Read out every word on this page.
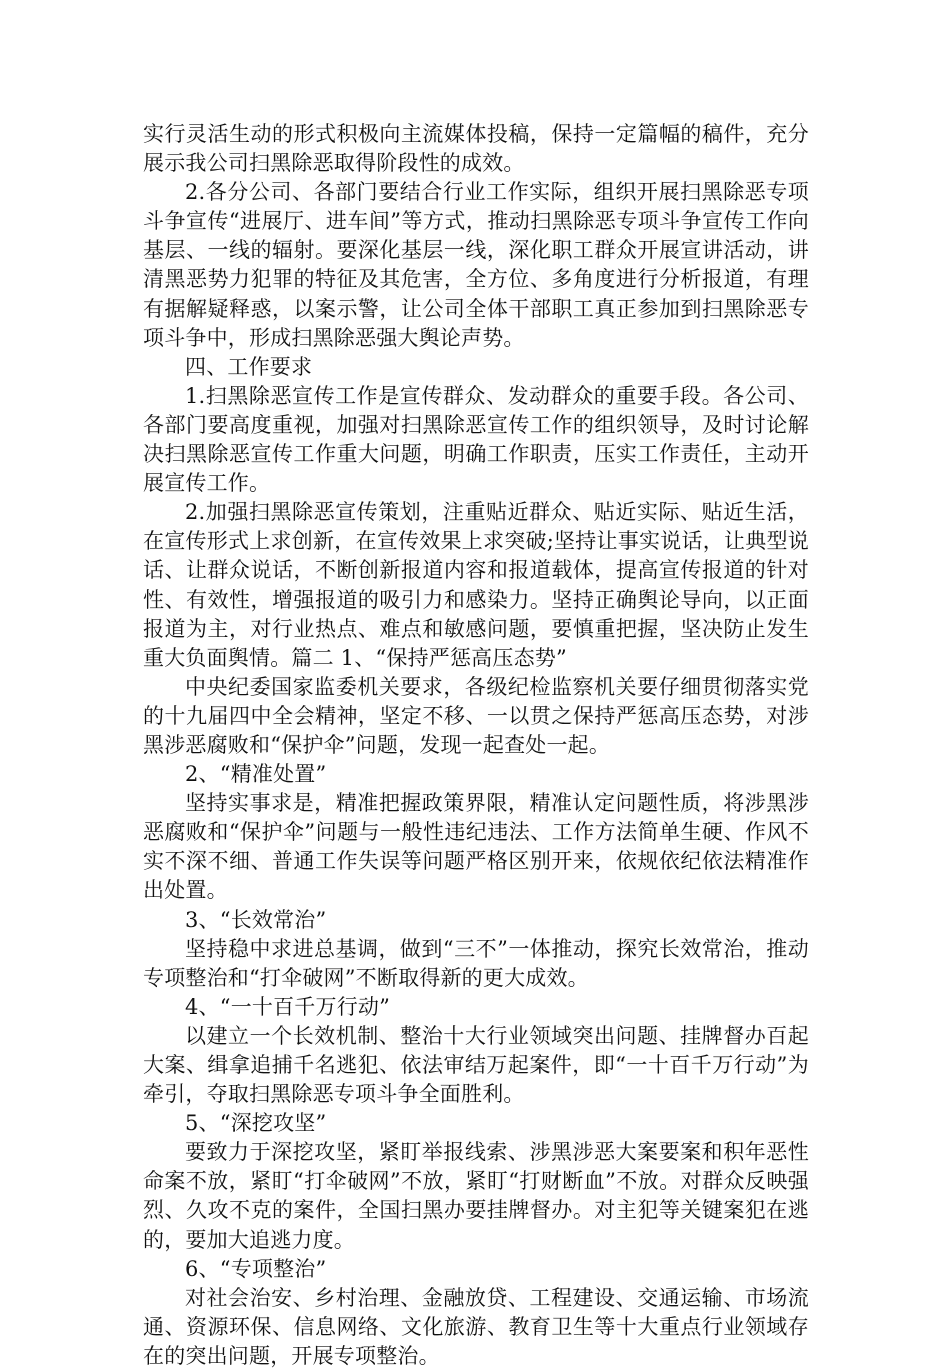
实行灵活生动的形式积极向主流媒体投稿，保持一定篇幅的稿件，充分展示我公司扫黑除恶取得阶段性的成效。

2.各分公司、各部门要结合行业工作实际，组织开展扫黑除恶专项斗争宣传“进展厅、进车间”等方式，推动扫黑除恶专项斗争宣传工作向基层、一线的辐射。要深化基层一线，深化职工群众开展宣讲活动，讲清黑恶势力犯罪的特征及其危害，全方位、多角度进行分析报道，有理有据解疑释惑，以案示警，让公司全体干部职工真正参加到扫黑除恶专项斗争中，形成扫黑除恶强大舆论声势。

四、工作要求

1.扫黑除恶宣传工作是宣传群众、发动群众的重要手段。各公司、各部门要高度重视，加强对扫黑除恶宣传工作的组织领导，及时讨论解决扫黑除恶宣传工作重大问题，明确工作职责，压实工作责任，主动开展宣传工作。

2.加强扫黑除恶宣传策划，注重贴近群众、贴近实际、贴近生活，在宣传形式上求创新，在宣传效果上求突破;坚持让事实说话，让典型说话、让群众说话，不断创新报道内容和报道载体，提高宣传报道的针对性、有效性，增强报道的吸引力和感染力。坚持正确舆论导向，以正面报道为主，对行业热点、难点和敏感问题，要慎重把握，坚决防止发生重大负面舆情。篇二 1、“保持严惩高压态势”

中央纪委国家监委机关要求，各级纪检监察机关要仔细贯彻落实党的十九届四中全会精神，坚定不移、一以贯之保持严惩高压态势，对涉黑涉恶腐败和“保护伞”问题，发现一起查处一起。

2、“精准处置”

坚持实事求是，精准把握政策界限，精准认定问题性质，将涉黑涉恶腐败和“保护伞”问题与一般性违纪违法、工作方法简单生硬、作风不实不深不细、普通工作失误等问题严格区别开来，依规依纪依法精准作出处置。

3、“长效常治”

坚持稳中求进总基调，做到“三不”一体推动，探究长效常治，推动专项整治和“打伞破网”不断取得新的更大成效。

4、“一十百千万行动”

以建立一个长效机制、整治十大行业领域突出问题、挂牌督办百起大案、缉拿追捕千名逃犯、依法审结万起案件，即“一十百千万行动”为牵引，夺取扫黑除恶专项斗争全面胜利。

5、“深挖攻坚”

要致力于深挖攻坚，紧盯举报线索、涉黑涉恶大案要案和积年恶性命案不放，紧盯“打伞破网”不放，紧盯“打财断血”不放。对群众反映强烈、久攻不克的案件，全国扫黑办要挂牌督办。对主犯等关键案犯在逃的，要加大追逃力度。

6、“专项整治”

对社会治安、乡村治理、金融放贷、工程建设、交通运输、市场流通、资源环保、信息网络、文化旅游、教育卫生等十大重点行业领域存在的突出问题，开展专项整治。
